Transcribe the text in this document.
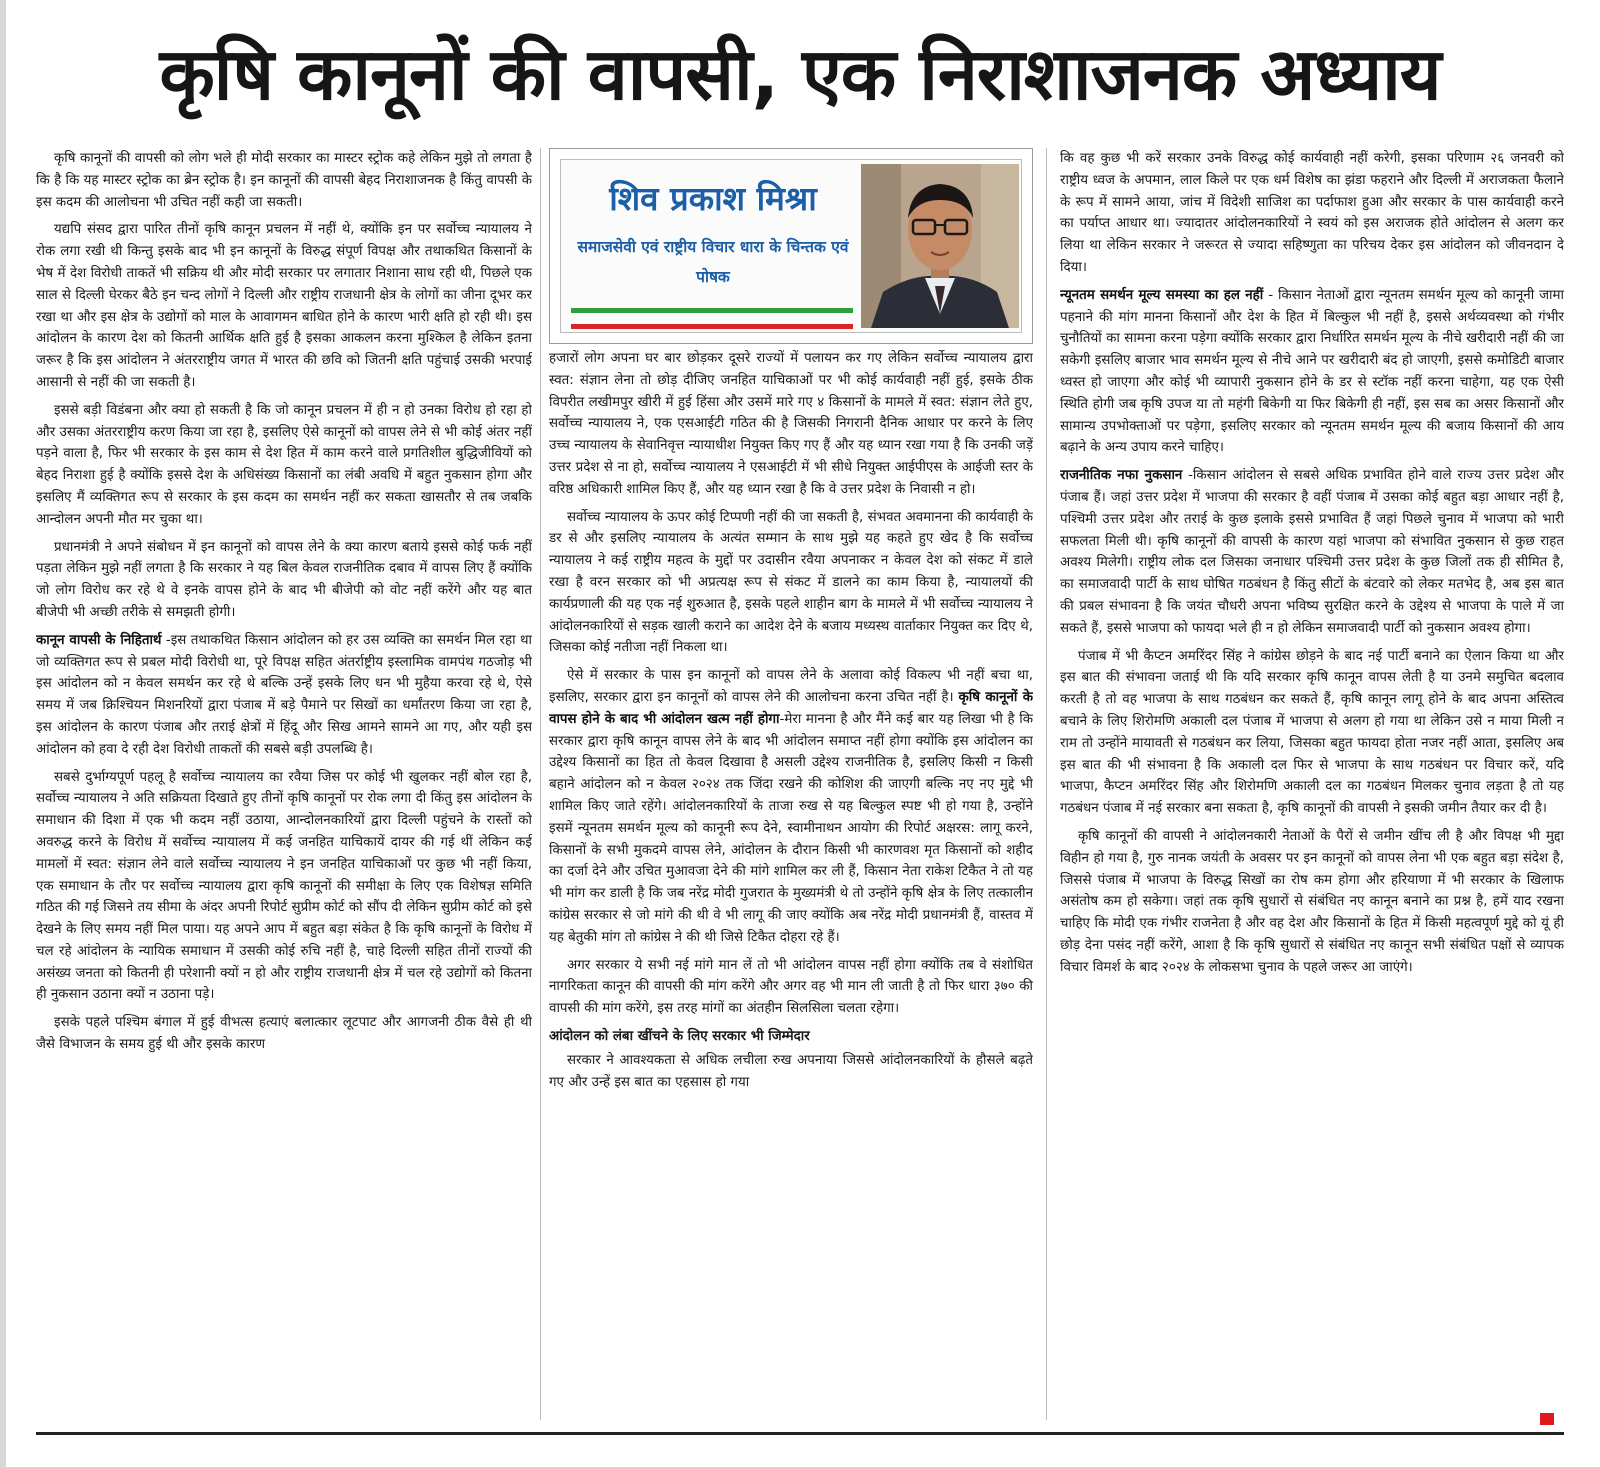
कृषि कानूनों की वापसी, एक निराशाजनक अध्याय

कृषि कानूनों की वापसी को लोग भले ही मोदी सरकार का मास्टर स्ट्रोक कहे लेकिन मुझे तो लगता है कि है कि यह मास्टर स्ट्रोक का ब्रेन स्ट्रोक है। इन कानूनों की वापसी बेहद निराशाजनक है किंतु वापसी के इस कदम की आलोचना भी उचित नहीं कही जा सकती।

यद्यपि संसद द्वारा पारित तीनों कृषि कानून प्रचलन में नहीं थे, क्योंकि इन पर सर्वोच्च न्यायालय ने रोक लगा रखी थी किन्तु इसके बाद भी इन कानूनों के विरुद्ध संपूर्ण विपक्ष और तथाकथित किसानों के भेष में देश विरोधी ताकतें भी सक्रिय थी और मोदी सरकार पर लगातार निशाना साध रही थी, पिछले एक साल से दिल्ली घेरकर बैठे इन चन्द लोगों ने दिल्ली और राष्ट्रीय राजधानी क्षेत्र के लोगों का जीना दूभर कर रखा था और इस क्षेत्र के उद्योगों को माल के आवागमन बाधित होने के कारण भारी क्षति हो रही थी। इस आंदोलन के कारण देश को कितनी आर्थिक क्षति हुई है इसका आकलन करना मुश्किल है लेकिन इतना जरूर है कि इस आंदोलन ने अंतरराष्ट्रीय जगत में भारत की छवि को जितनी क्षति पहुंचाई उसकी भरपाई आसानी से नहीं की जा सकती है।

इससे बड़ी विडंबना और क्या हो सकती है कि जो कानून प्रचलन में ही न हो उनका विरोध हो रहा हो और उसका अंतरराष्ट्रीय करण किया जा रहा है, इसलिए ऐसे कानूनों को वापस लेने से भी कोई अंतर नहीं पड़ने वाला है, फिर भी सरकार के इस काम से देश हित में काम करने वाले प्रगतिशील बुद्धिजीवियों को बेहद निराशा हुई है क्योंकि इससे देश के अधिसंख्य किसानों का लंबी अवधि में बहुत नुकसान होगा और इसलिए मैं व्यक्तिगत रूप से सरकार के इस कदम का समर्थन नहीं कर सकता खासतौर से तब जबकि आन्दोलन अपनी मौत मर चुका था।

प्रधानमंत्री ने अपने संबोधन में इन कानूनों को वापस लेने के क्या कारण बताये इससे कोई फर्क नहीं पड़ता लेकिन मुझे नहीं लगता है कि सरकार ने यह बिल केवल राजनीतिक दबाव में वापस लिए हैं क्योंकि जो लोग विरोध कर रहे थे वे इनके वापस होने के बाद भी बीजेपी को वोट नहीं करेंगे और यह बात बीजेपी भी अच्छी तरीके से समझती होगी।

कानून वापसी के निहितार्थ -इस तथाकथित किसान आंदोलन को हर उस व्यक्ति का समर्थन मिल रहा था जो व्यक्तिगत रूप से प्रबल मोदी विरोधी था, पूरे विपक्ष सहित अंतर्राष्ट्रीय इस्लामिक वामपंथ गठजोड़ भी इस आंदोलन को न केवल समर्थन कर रहे थे बल्कि उन्हें इसके लिए धन भी मुहैया करवा रहे थे, ऐसे समय में जब क्रिश्चियन मिशनरियों द्वारा पंजाब में बड़े पैमाने पर सिखों का धर्मांतरण किया जा रहा है, इस आंदोलन के कारण पंजाब और तराई क्षेत्रों में हिंदू और सिख आमने सामने आ गए, और यही इस आंदोलन को हवा दे रही देश विरोधी ताकतों की सबसे बड़ी उपलब्धि है।

सबसे दुर्भाग्यपूर्ण पहलू है सर्वोच्च न्यायालय का रवैया जिस पर कोई भी खुलकर नहीं बोल रहा है, सर्वोच्च न्यायालय ने अति सक्रियता दिखाते हुए तीनों कृषि कानूनों पर रोक लगा दी किंतु इस आंदोलन के समाधान की दिशा में एक भी कदम नहीं उठाया, आन्दोलनकारियों द्वारा दिल्ली पहुंचने के रास्तों को अवरुद्ध करने के विरोध में सर्वोच्च न्यायालय में कई जनहित याचिकायें दायर की गई थीं लेकिन कई मामलों में स्वत: संज्ञान लेने वाले सर्वोच्च न्यायालय ने इन जनहित याचिकाओं पर कुछ भी नहीं किया, एक समाधान के तौर पर सर्वोच्च न्यायालय द्वारा कृषि कानूनों की समीक्षा के लिए एक विशेषज्ञ समिति गठित की गई जिसने तय सीमा के अंदर अपनी रिपोर्ट सुप्रीम कोर्ट को सौंप दी लेकिन सुप्रीम कोर्ट को इसे देखने के लिए समय नहीं मिल पाया। यह अपने आप में बहुत बड़ा संकेत है कि कृषि कानूनों के विरोध में चल रहे आंदोलन के न्यायिक समाधान में उसकी कोई रुचि नहीं है, चाहे दिल्ली सहित तीनों राज्यों की असंख्य जनता को कितनी ही परेशानी क्यों न हो और राष्ट्रीय राजधानी क्षेत्र में चल रहे उद्योगों को कितना ही नुकसान उठाना क्यों न उठाना पड़े।

इसके पहले पश्चिम बंगाल में हुई वीभत्स हत्याएं बलात्कार लूटपाट और आगजनी ठीक वैसे ही थी जैसे विभाजन के समय हुई थी और इसके कारण

शिव प्रकाश मिश्रा
समाजसेवी एवं राष्ट्रीय विचार धारा के चिन्तक एवं पोषक

हजारों लोग अपना घर बार छोड़कर दूसरे राज्यों में पलायन कर गए लेकिन सर्वोच्च न्यायालय द्वारा स्वत: संज्ञान लेना तो छोड़ दीजिए जनहित याचिकाओं पर भी कोई कार्यवाही नहीं हुई, इसके ठीक विपरीत लखीमपुर खीरी में हुई हिंसा और उसमें मारे गए ४ किसानों के मामले में स्वत: संज्ञान लेते हुए, सर्वोच्च न्यायालय ने, एक एसआईटी गठित की है जिसकी निगरानी दैनिक आधार पर करने के लिए उच्च न्यायालय के सेवानिवृत्त न्यायाधीश नियुक्त किए गए हैं और यह ध्यान रखा गया है कि उनकी जड़ें उत्तर प्रदेश से ना हो, सर्वोच्च न्यायालय ने एसआईटी में भी सीधे नियुक्त आईपीएस के आईजी स्तर के वरिष्ठ अधिकारी शामिल किए हैं, और यह ध्यान रखा है कि वे उत्तर प्रदेश के निवासी न हो।

सर्वोच्च न्यायालय के ऊपर कोई टिप्पणी नहीं की जा सकती है, संभवत अवमानना की कार्यवाही के डर से और इसलिए न्यायालय के अत्यंत सम्मान के साथ मुझे यह कहते हुए खेद है कि सर्वोच्च न्यायालय ने कई राष्ट्रीय महत्व के मुद्दों पर उदासीन रवैया अपनाकर न केवल देश को संकट में डाले रखा है वरन सरकार को भी अप्रत्यक्ष रूप से संकट में डालने का काम किया है, न्यायालयों की कार्यप्रणाली की यह एक नई शुरुआत है, इसके पहले शाहीन बाग के मामले में भी सर्वोच्च न्यायालय ने आंदोलनकारियों से सड़क खाली कराने का आदेश देने के बजाय मध्यस्थ वार्ताकार नियुक्त कर दिए थे, जिसका कोई नतीजा नहीं निकला था।

ऐसे में सरकार के पास इन कानूनों को वापस लेने के अलावा कोई विकल्प भी नहीं बचा था, इसलिए, सरकार द्वारा इन कानूनों को वापस लेने की आलोचना करना उचित नहीं है। कृषि कानूनों के वापस होने के बाद भी आंदोलन खत्म नहीं होगा-मेरा मानना है और मैंने कई बार यह लिखा भी है कि सरकार द्वारा कृषि कानून वापस लेने के बाद भी आंदोलन समाप्त नहीं होगा क्योंकि इस आंदोलन का उद्देश्य किसानों का हित तो केवल दिखावा है असली उद्देश्य राजनीतिक है, इसलिए किसी न किसी बहाने आंदोलन को न केवल २०२४ तक जिंदा रखने की कोशिश की जाएगी बल्कि नए नए मुद्दे भी शामिल किए जाते रहेंगे। आंदोलनकारियों के ताजा रुख से यह बिल्कुल स्पष्ट भी हो गया है, उन्होंने इसमें न्यूनतम समर्थन मूल्य को कानूनी रूप देने, स्वामीनाथन आयोग की रिपोर्ट अक्षरस: लागू करने, किसानों के सभी मुकदमे वापस लेने, आंदोलन के दौरान किसी भी कारणवश मृत किसानों को शहीद का दर्जा देने और उचित मुआवजा देने की मांगे शामिल कर ली हैं, किसान नेता राकेश टिकैत ने तो यह भी मांग कर डाली है कि जब नरेंद्र मोदी गुजरात के मुख्यमंत्री थे तो उन्होंने कृषि क्षेत्र के लिए तत्कालीन कांग्रेस सरकार से जो मांगे की थी वे भी लागू की जाए क्योंकि अब नरेंद्र मोदी प्रधानमंत्री हैं, वास्तव में यह बेतुकी मांग तो कांग्रेस ने की थी जिसे टिकैत दोहरा रहे हैं।

अगर सरकार ये सभी नई मांगे मान लें तो भी आंदोलन वापस नहीं होगा क्योंकि तब वे संशोधित नागरिकता कानून की वापसी की मांग करेंगे और अगर वह भी मान ली जाती है तो फिर धारा ३७० की वापसी की मांग करेंगे, इस तरह मांगों का अंतहीन सिलसिला चलता रहेगा।

आंदोलन को लंबा खींचने के लिए सरकार भी जिम्मेदार

सरकार ने आवश्यकता से अधिक लचीला रुख अपनाया जिससे आंदोलनकारियों के हौसले बढ़ते गए और उन्हें इस बात का एहसास हो गया

कि वह कुछ भी करें सरकार उनके विरुद्ध कोई कार्यवाही नहीं करेगी, इसका परिणाम २६ जनवरी को राष्ट्रीय ध्वज के अपमान, लाल किले पर एक धर्म विशेष का झंडा फहराने और दिल्ली में अराजकता फैलाने के रूप में सामने आया, जांच में विदेशी साजिश का पर्दाफाश हुआ और सरकार के पास कार्यवाही करने का पर्याप्त आधार था। ज्यादातर आंदोलनकारियों ने स्वयं को इस अराजक होते आंदोलन से अलग कर लिया था लेकिन सरकार ने जरूरत से ज्यादा सहिष्णुता का परिचय देकर इस आंदोलन को जीवनदान दे दिया।

न्यूनतम समर्थन मूल्य समस्या का हल नहीं - किसान नेताओं द्वारा न्यूनतम समर्थन मूल्य को कानूनी जामा पहनाने की मांग मानना किसानों और देश के हित में बिल्कुल भी नहीं है, इससे अर्थव्यवस्था को गंभीर चुनौतियों का सामना करना पड़ेगा क्योंकि सरकार द्वारा निर्धारित समर्थन मूल्य के नीचे खरीदारी नहीं की जा सकेगी इसलिए बाजार भाव समर्थन मूल्य से नीचे आने पर खरीदारी बंद हो जाएगी, इससे कमोडिटी बाजार ध्वस्त हो जाएगा और कोई भी व्यापारी नुकसान होने के डर से स्टॉक नहीं करना चाहेगा, यह एक ऐसी स्थिति होगी जब कृषि उपज या तो महंगी बिकेगी या फिर बिकेगी ही नहीं, इस सब का असर किसानों और सामान्य उपभोक्ताओं पर पड़ेगा, इसलिए सरकार को न्यूनतम समर्थन मूल्य की बजाय किसानों की आय बढ़ाने के अन्य उपाय करने चाहिए।

राजनीतिक नफा नुकसान -किसान आंदोलन से सबसे अधिक प्रभावित होने वाले राज्य उत्तर प्रदेश और पंजाब हैं। जहां उत्तर प्रदेश में भाजपा की सरकार है वहीं पंजाब में उसका कोई बहुत बड़ा आधार नहीं है, पश्चिमी उत्तर प्रदेश और तराई के कुछ इलाके इससे प्रभावित हैं जहां पिछले चुनाव में भाजपा को भारी सफलता मिली थी। कृषि कानूनों की वापसी के कारण यहां भाजपा को संभावित नुकसान से कुछ राहत अवश्य मिलेगी। राष्ट्रीय लोक दल जिसका जनाधार पश्चिमी उत्तर प्रदेश के कुछ जिलों तक ही सीमित है, का समाजवादी पार्टी के साथ घोषित गठबंधन है किंतु सीटों के बंटवारे को लेकर मतभेद है, अब इस बात की प्रबल संभावना है कि जयंत चौधरी अपना भविष्य सुरक्षित करने के उद्देश्य से भाजपा के पाले में जा सकते हैं, इससे भाजपा को फायदा भले ही न हो लेकिन समाजवादी पार्टी को नुकसान अवश्य होगा।

पंजाब में भी कैप्टन अमरिंदर सिंह ने कांग्रेस छोड़ने के बाद नई पार्टी बनाने का ऐलान किया था और इस बात की संभावना जताई थी कि यदि सरकार कृषि कानून वापस लेती है या उनमे समुचित बदलाव करती है तो वह भाजपा के साथ गठबंधन कर सकते हैं, कृषि कानून लागू होने के बाद अपना अस्तित्व बचाने के लिए शिरोमणि अकाली दल पंजाब में भाजपा से अलग हो गया था लेकिन उसे न माया मिली न राम तो उन्होंने मायावती से गठबंधन कर लिया, जिसका बहुत फायदा होता नजर नहीं आता, इसलिए अब इस बात की भी संभावना है कि अकाली दल फिर से भाजपा के साथ गठबंधन पर विचार करें, यदि भाजपा, कैप्टन अमरिंदर सिंह और शिरोमणि अकाली दल का गठबंधन मिलकर चुनाव लड़ता है तो यह गठबंधन पंजाब में नई सरकार बना सकता है, कृषि कानूनों की वापसी ने इसकी जमीन तैयार कर दी है।

कृषि कानूनों की वापसी ने आंदोलनकारी नेताओं के पैरों से जमीन खींच ली है और विपक्ष भी मुद्दा विहीन हो गया है, गुरु नानक जयंती के अवसर पर इन कानूनों को वापस लेना भी एक बहुत बड़ा संदेश है, जिससे पंजाब में भाजपा के विरुद्ध सिखों का रोष कम होगा और हरियाणा में भी सरकार के खिलाफ असंतोष कम हो सकेगा। जहां तक कृषि सुधारों से संबंधित नए कानून बनाने का प्रश्न है, हमें याद रखना चाहिए कि मोदी एक गंभीर राजनेता है और वह देश और किसानों के हित में किसी महत्वपूर्ण मुद्दे को यूं ही छोड़ देना पसंद नहीं करेंगे, आशा है कि कृषि सुधारों से संबंधित नए कानून सभी संबंधित पक्षों से व्यापक विचार विमर्श के बाद २०२४ के लोकसभा चुनाव के पहले जरूर आ जाएंगे।
